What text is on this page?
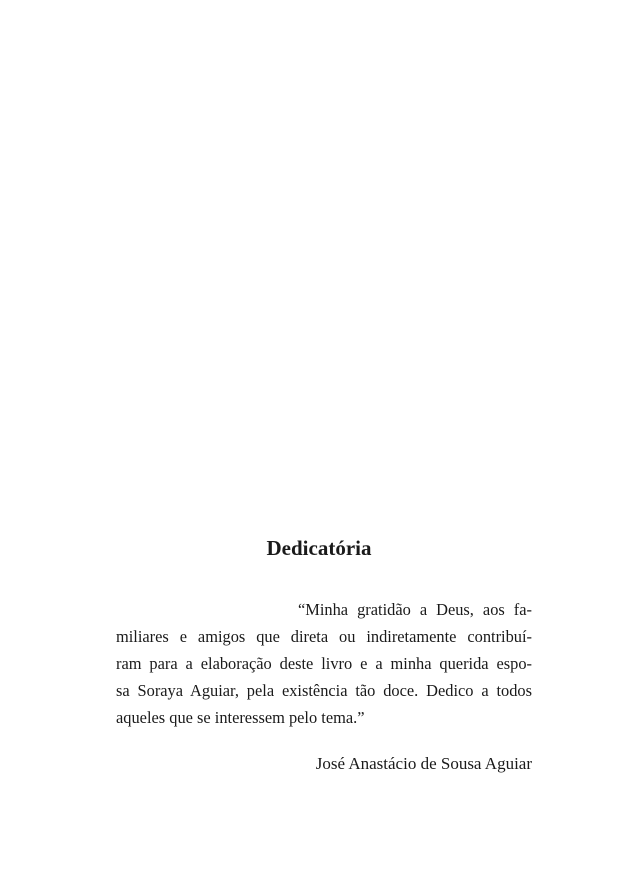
Dedicatória
“Minha gratidão a Deus, aos fa-
miliares e amigos que direta ou indiretamente contribuí-
ram para a elaboração deste livro e a minha querida espo-
sa Soraya Aguiar, pela existência tão doce. Dedico a todos
aqueles que se interessem pelo tema.”

José Anastácio de Sousa Aguiar
